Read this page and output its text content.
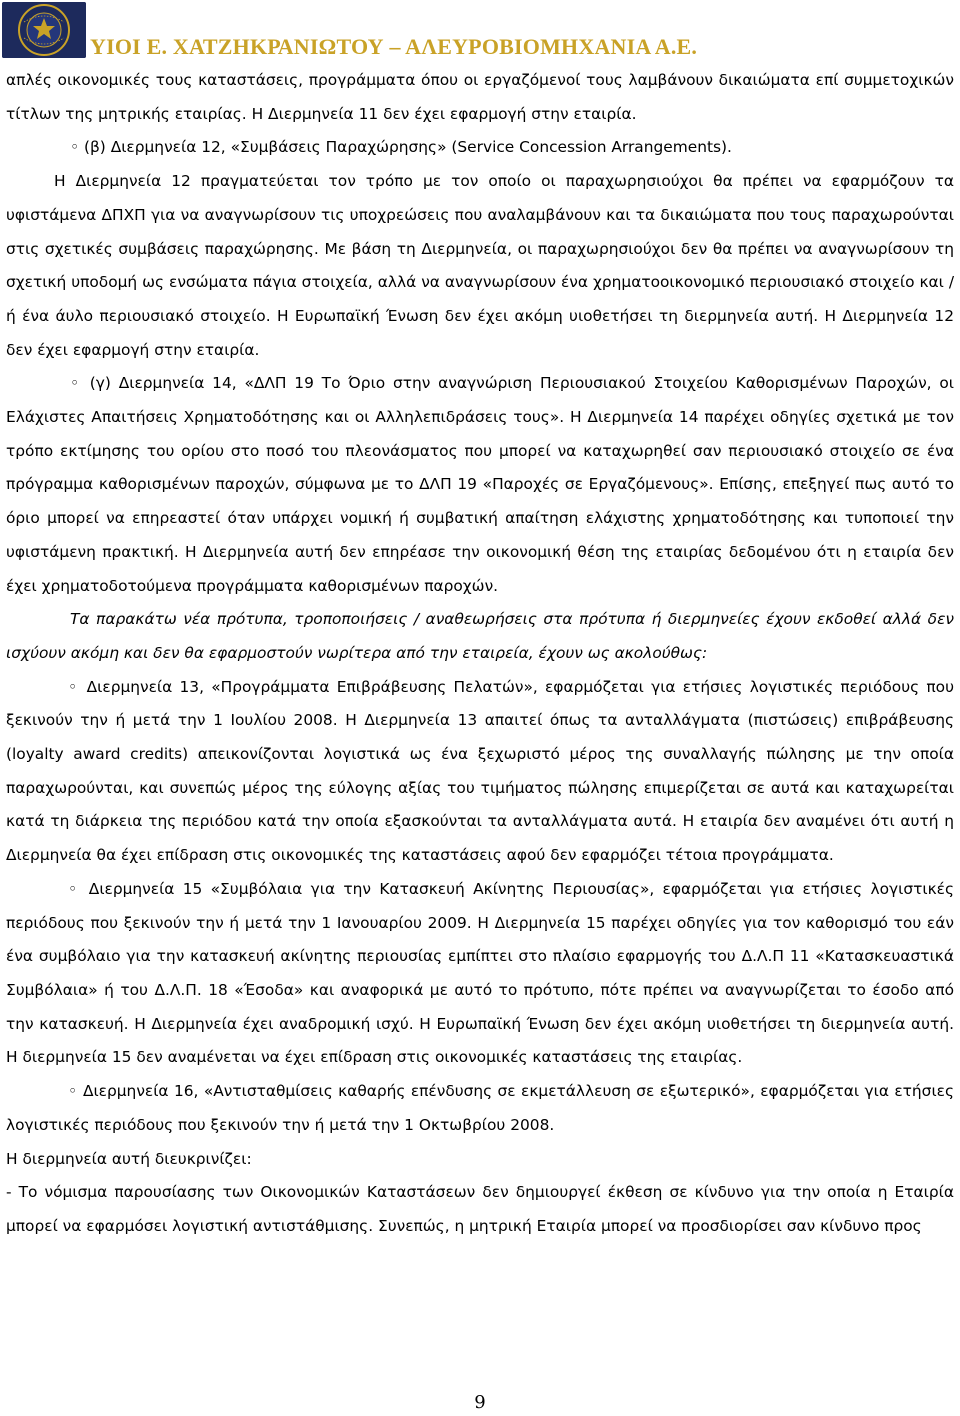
ΥΙΟΙ Ε. ΧΑΤΖΗΚΡΑΝΙΩΤΟΥ – ΑΛΕΥΡΟΒΙΟΜΗΧΑΝΙΑ Α.Ε.

απλές οικονομικές τους καταστάσεις, προγράμματα όπου οι εργαζόμενοί τους λαμβάνουν δικαιώματα επί συμμετοχικών τίτλων της μητρικής εταιρίας. Η Διερμηνεία 11 δεν έχει εφαρμογή στην εταιρία.

◦ (β) Διερμηνεία 12, «Συμβάσεις Παραχώρησης» (Service Concession Arrangements).

Η Διερμηνεία 12 πραγματεύεται τον τρόπο με τον οποίο οι παραχωρησιούχοι θα πρέπει να εφαρμόζουν τα υφιστάμενα ΔΠΧΠ για να αναγνωρίσουν τις υποχρεώσεις που αναλαμβάνουν και τα δικαιώματα που τους παραχωρούνται στις σχετικές συμβάσεις παραχώρησης. Με βάση τη Διερμηνεία, οι παραχωρησιούχοι δεν θα πρέπει να αναγνωρίσουν τη σχετική υποδομή ως ενσώματα πάγια στοιχεία, αλλά να αναγνωρίσουν ένα χρηματοοικονομικό περιουσιακό στοιχείο και / ή ένα άυλο περιουσιακό στοιχείο. Η Ευρωπαϊκή Ένωση δεν έχει ακόμη υιοθετήσει τη διερμηνεία αυτή. Η Διερμηνεία 12 δεν έχει εφαρμογή στην εταιρία.

◦ (γ) Διερμηνεία 14, «ΔΛΠ 19 Το Όριο στην αναγνώριση Περιουσιακού Στοιχείου Καθορισμένων Παροχών, οι Ελάχιστες Απαιτήσεις Χρηματοδότησης και οι Αλληλεπιδράσεις τους». Η Διερμηνεία 14 παρέχει οδηγίες σχετικά με τον τρόπο εκτίμησης του ορίου στο ποσό του πλεονάσματος που μπορεί να καταχωρηθεί σαν περιουσιακό στοιχείο σε ένα πρόγραμμα καθορισμένων παροχών, σύμφωνα με το ΔΛΠ 19 «Παροχές σε Εργαζόμενους». Επίσης, επεξηγεί πως αυτό το όριο μπορεί να επηρεαστεί όταν υπάρχει νομική ή συμβατική απαίτηση ελάχιστης χρηματοδότησης και τυποποιεί την υφιστάμενη πρακτική. Η Διερμηνεία αυτή δεν επηρέασε την οικονομική θέση της εταιρίας δεδομένου ότι η εταιρία δεν έχει χρηματοδοτούμενα προγράμματα καθορισμένων παροχών.

Τα παρακάτω νέα πρότυπα, τροποποιήσεις / αναθεωρήσεις στα πρότυπα ή διερμηνείες έχουν εκδοθεί αλλά δεν ισχύουν ακόμη και δεν θα εφαρμοστούν νωρίτερα από την εταιρεία, έχουν ως ακολούθως:

◦ Διερμηνεία 13, «Προγράμματα Επιβράβευσης Πελατών», εφαρμόζεται για ετήσιες λογιστικές περιόδους που ξεκινούν την ή μετά την 1 Ιουλίου 2008. Η Διερμηνεία 13 απαιτεί όπως τα ανταλλάγματα (πιστώσεις) επιβράβευσης (loyalty award credits) απεικονίζονται λογιστικά ως ένα ξεχωριστό μέρος της συναλλαγής πώλησης με την οποία παραχωρούνται, και συνεπώς μέρος της εύλογης αξίας του τιμήματος πώλησης επιμερίζεται σε αυτά και καταχωρείται κατά τη διάρκεια της περιόδου κατά την οποία εξασκούνται τα ανταλλάγματα αυτά. Η εταιρία δεν αναμένει ότι αυτή η Διερμηνεία θα έχει επίδραση στις οικονομικές της καταστάσεις αφού δεν εφαρμόζει τέτοια προγράμματα.

◦ Διερμηνεία 15 «Συμβόλαια για την Κατασκευή Ακίνητης Περιουσίας», εφαρμόζεται για ετήσιες λογιστικές περιόδους που ξεκινούν την ή μετά την 1 Ιανουαρίου 2009. Η Διερμηνεία 15 παρέχει οδηγίες για τον καθορισμό του εάν ένα συμβόλαιο για την κατασκευή ακίνητης περιουσίας εμπίπτει στο πλαίσιο εφαρμογής του Δ.Λ.Π 11 «Κατασκευαστικά Συμβόλαια» ή του Δ.Λ.Π. 18 «Έσοδα» και αναφορικά με αυτό το πρότυπο, πότε πρέπει να αναγνωρίζεται το έσοδο από την κατασκευή. Η Διερμηνεία έχει αναδρομική ισχύ. Η Ευρωπαϊκή Ένωση δεν έχει ακόμη υιοθετήσει τη διερμηνεία αυτή. Η διερμηνεία 15 δεν αναμένεται να έχει επίδραση στις οικονομικές καταστάσεις της εταιρίας.

◦ Διερμηνεία 16, «Αντισταθμίσεις καθαρής επένδυσης σε εκμετάλλευση σε εξωτερικό», εφαρμόζεται για ετήσιες λογιστικές περιόδους που ξεκινούν την ή μετά την 1 Οκτωβρίου 2008.

Η διερμηνεία αυτή διευκρινίζει:

- Το νόμισμα παρουσίασης των Οικονομικών Καταστάσεων δεν δημιουργεί έκθεση σε κίνδυνο για την οποία η Εταιρία μπορεί να εφαρμόσει λογιστική αντιστάθμισης. Συνεπώς, η μητρική Εταιρία μπορεί να προσδιορίσει σαν κίνδυνο προς

9
